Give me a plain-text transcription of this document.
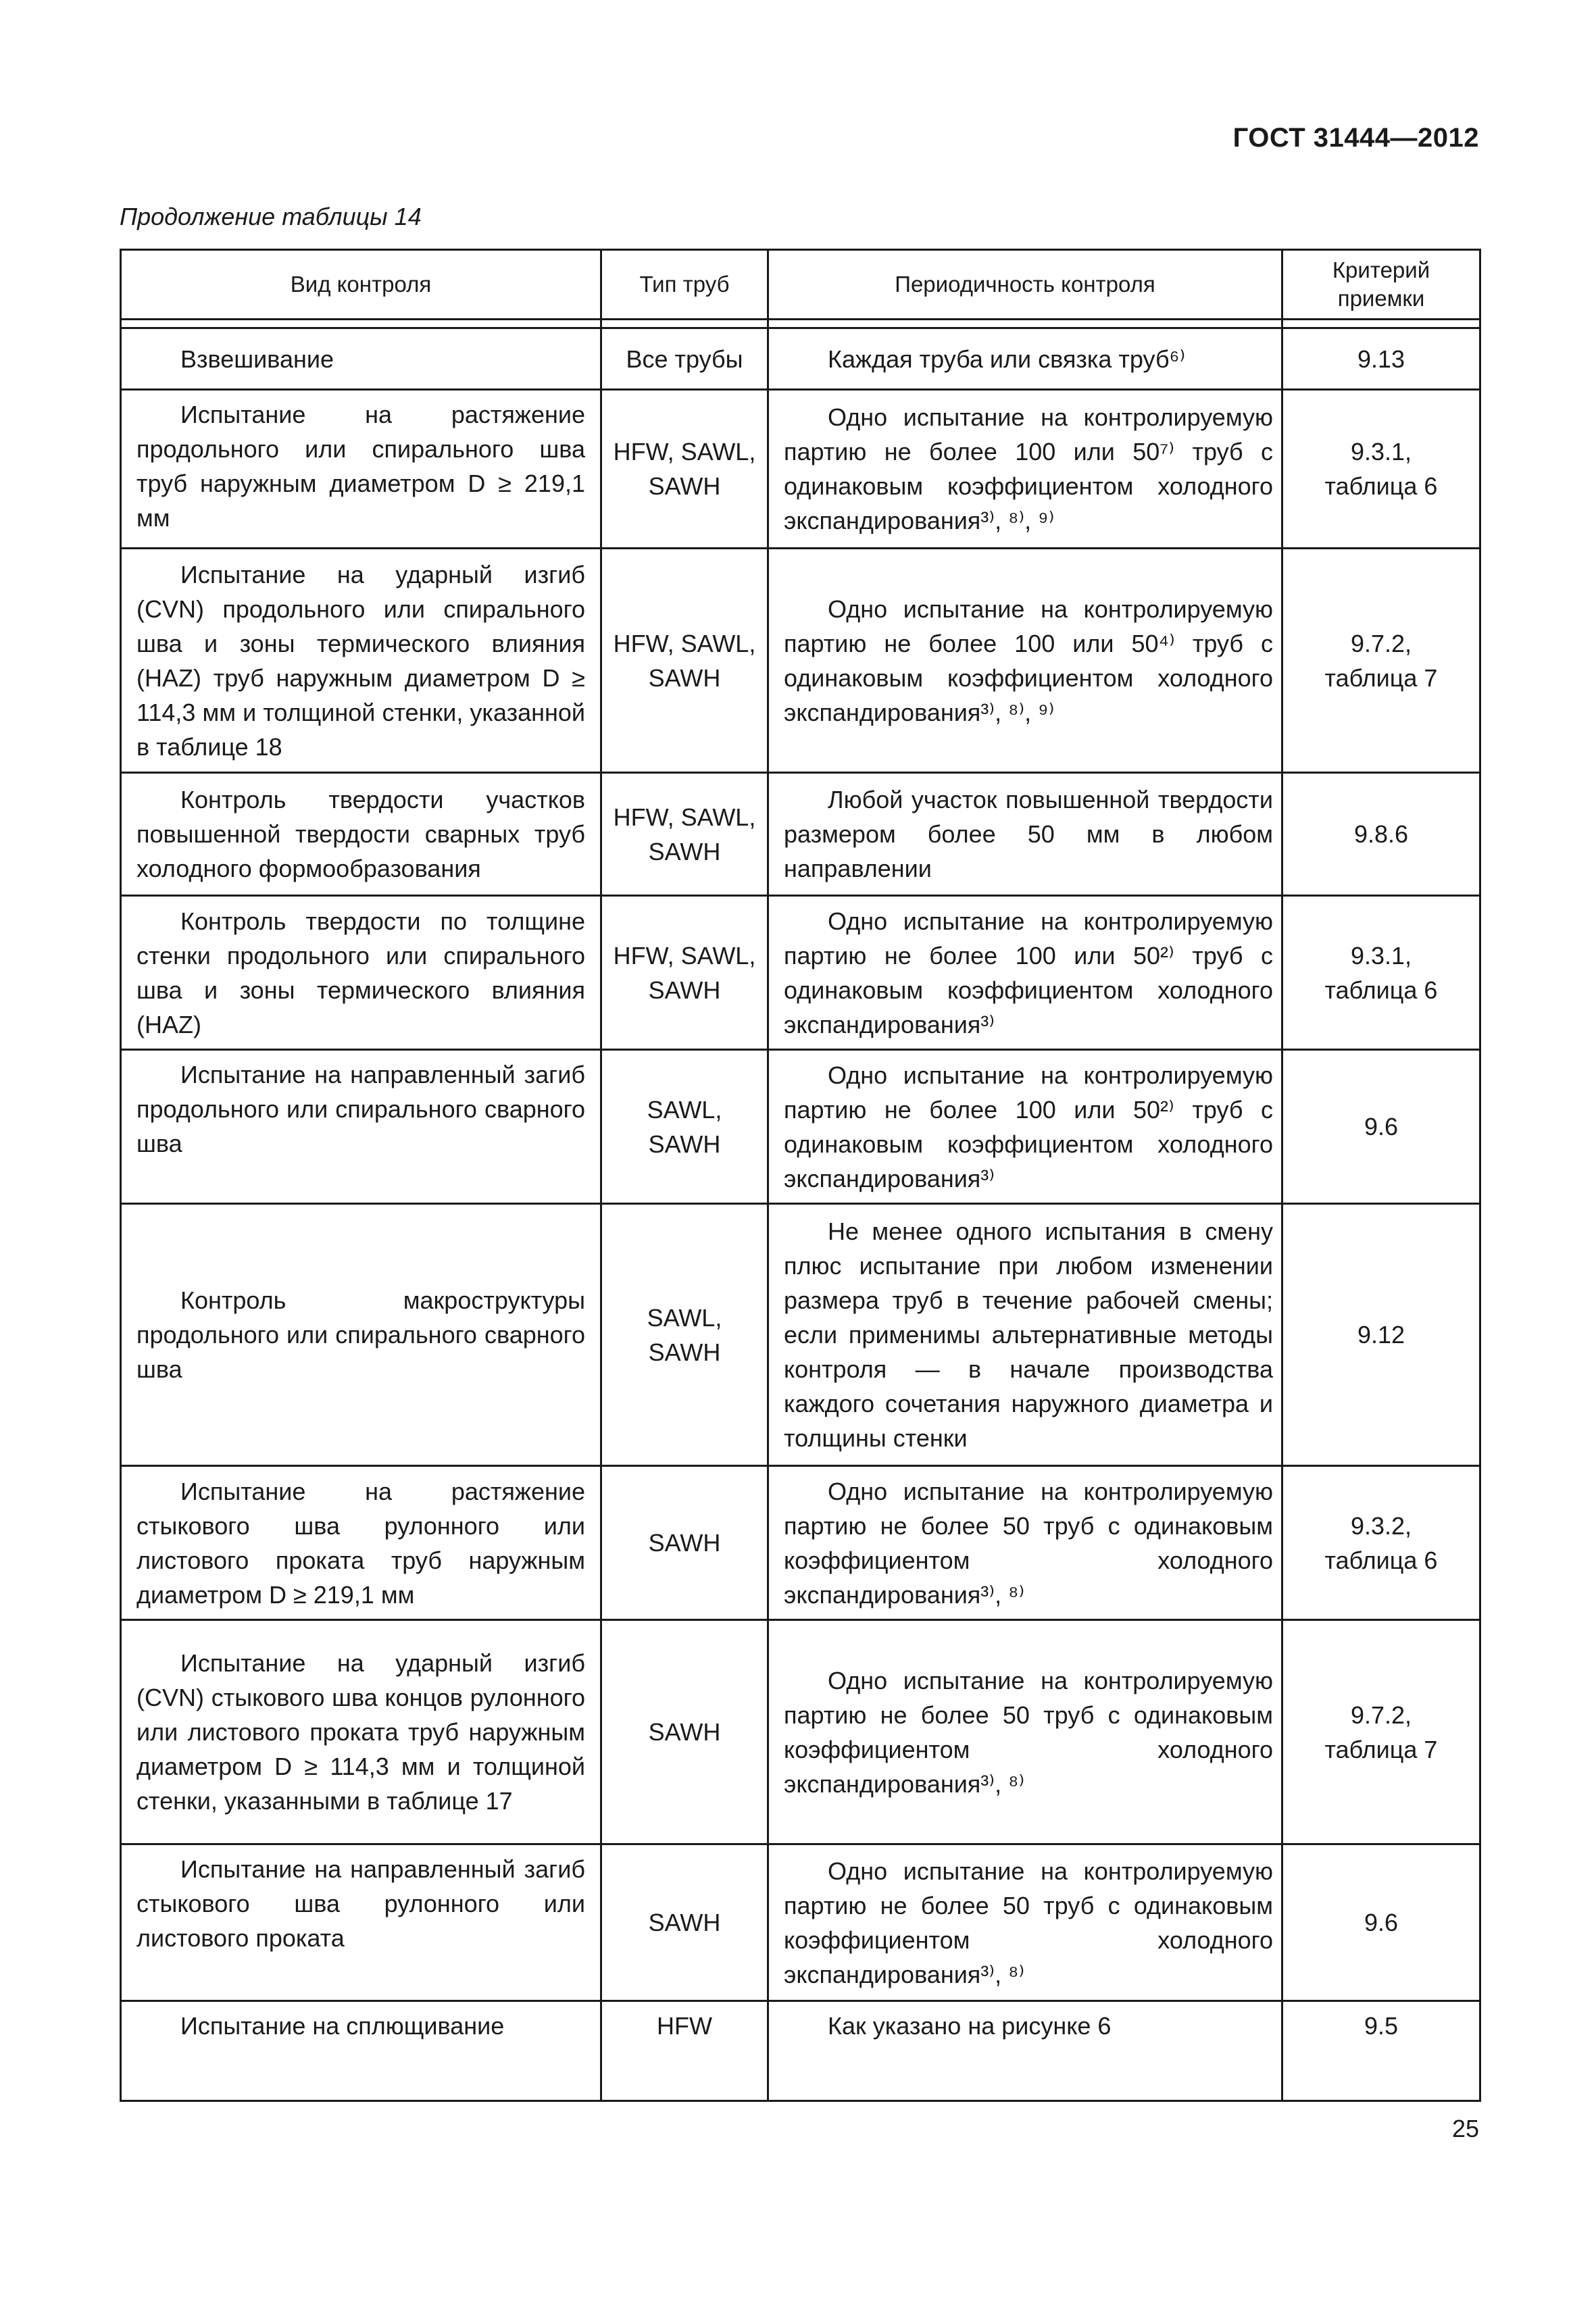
ГОСТ 31444—2012
Продолжение таблицы 14
Вид контроля	Тип труб	Периодичность контроля	Критерий приемки

Взвешивание	Все трубы	Каждая труба или связка труб⁶⁾	9.13

Испытание на растяжение продольного или спирального шва труб наружным диаметром D ≥ 219,1 мм	HFW, SAWL, SAWH	Одно испытание на контролируемую партию не более 100 или 50⁷⁾ труб с одинаковым коэффициентом холодного экспандирования³⁾, ⁸⁾, ⁹⁾	9.3.1, таблица 6

Испытание на ударный изгиб (CVN) продольного или спирального шва и зоны термического влияния (HAZ) труб наружным диаметром D ≥ 114,3 мм и толщиной стенки, указанной в таблице 18	HFW, SAWL, SAWH	Одно испытание на контролируемую партию не более 100 или 50⁴⁾ труб с одинаковым коэффициентом холодного экспандирования³⁾, ⁸⁾, ⁹⁾	9.7.2, таблица 7

Контроль твердости участков повышенной твердости сварных труб холодного формообразования	HFW, SAWL, SAWH	Любой участок повышенной твердости размером более 50 мм в любом направлении	9.8.6

Контроль твердости по толщине стенки продольного или спирального шва и зоны термического влияния (HAZ)	HFW, SAWL, SAWH	Одно испытание на контролируемую партию не более 100 или 50²⁾ труб с одинаковым коэффициентом холодного экспандирования³⁾	9.3.1, таблица 6

Испытание на направленный загиб продольного или спирального сварного шва	SAWL, SAWH	Одно испытание на контролируемую партию не более 100 или 50²⁾ труб с одинаковым коэффициентом холодного экспандирования³⁾	9.6

Контроль макроструктуры продольного или спирального сварного шва	SAWL, SAWH	Не менее одного испытания в смену плюс испытание при любом изменении размера труб в течение рабочей смены; если применимы альтернативные методы контроля — в начале производства каждого сочетания наружного диаметра и толщины стенки	9.12

Испытание на растяжение стыкового шва рулонного или листового проката труб наружным диаметром D ≥ 219,1 мм	SAWH	Одно испытание на контролируемую партию не более 50 труб с одинаковым коэффициентом холодного экспандирования³⁾, ⁸⁾	9.3.2, таблица 6

Испытание на ударный изгиб (CVN) стыкового шва концов рулонного или листового проката труб наружным диаметром D ≥ 114,3 мм и толщиной стенки, указанными в таблице 17	SAWH	Одно испытание на контролируемую партию не более 50 труб с одинаковым коэффициентом холодного экспандирования³⁾, ⁸⁾	9.7.2, таблица 7

Испытание на направленный загиб стыкового шва рулонного или листового проката	SAWH	Одно испытание на контролируемую партию не более 50 труб с одинаковым коэффициентом холодного экспандирования³⁾, ⁸⁾	9.6

Испытание на сплющивание	HFW	Как указано на рисунке 6	9.5
25
